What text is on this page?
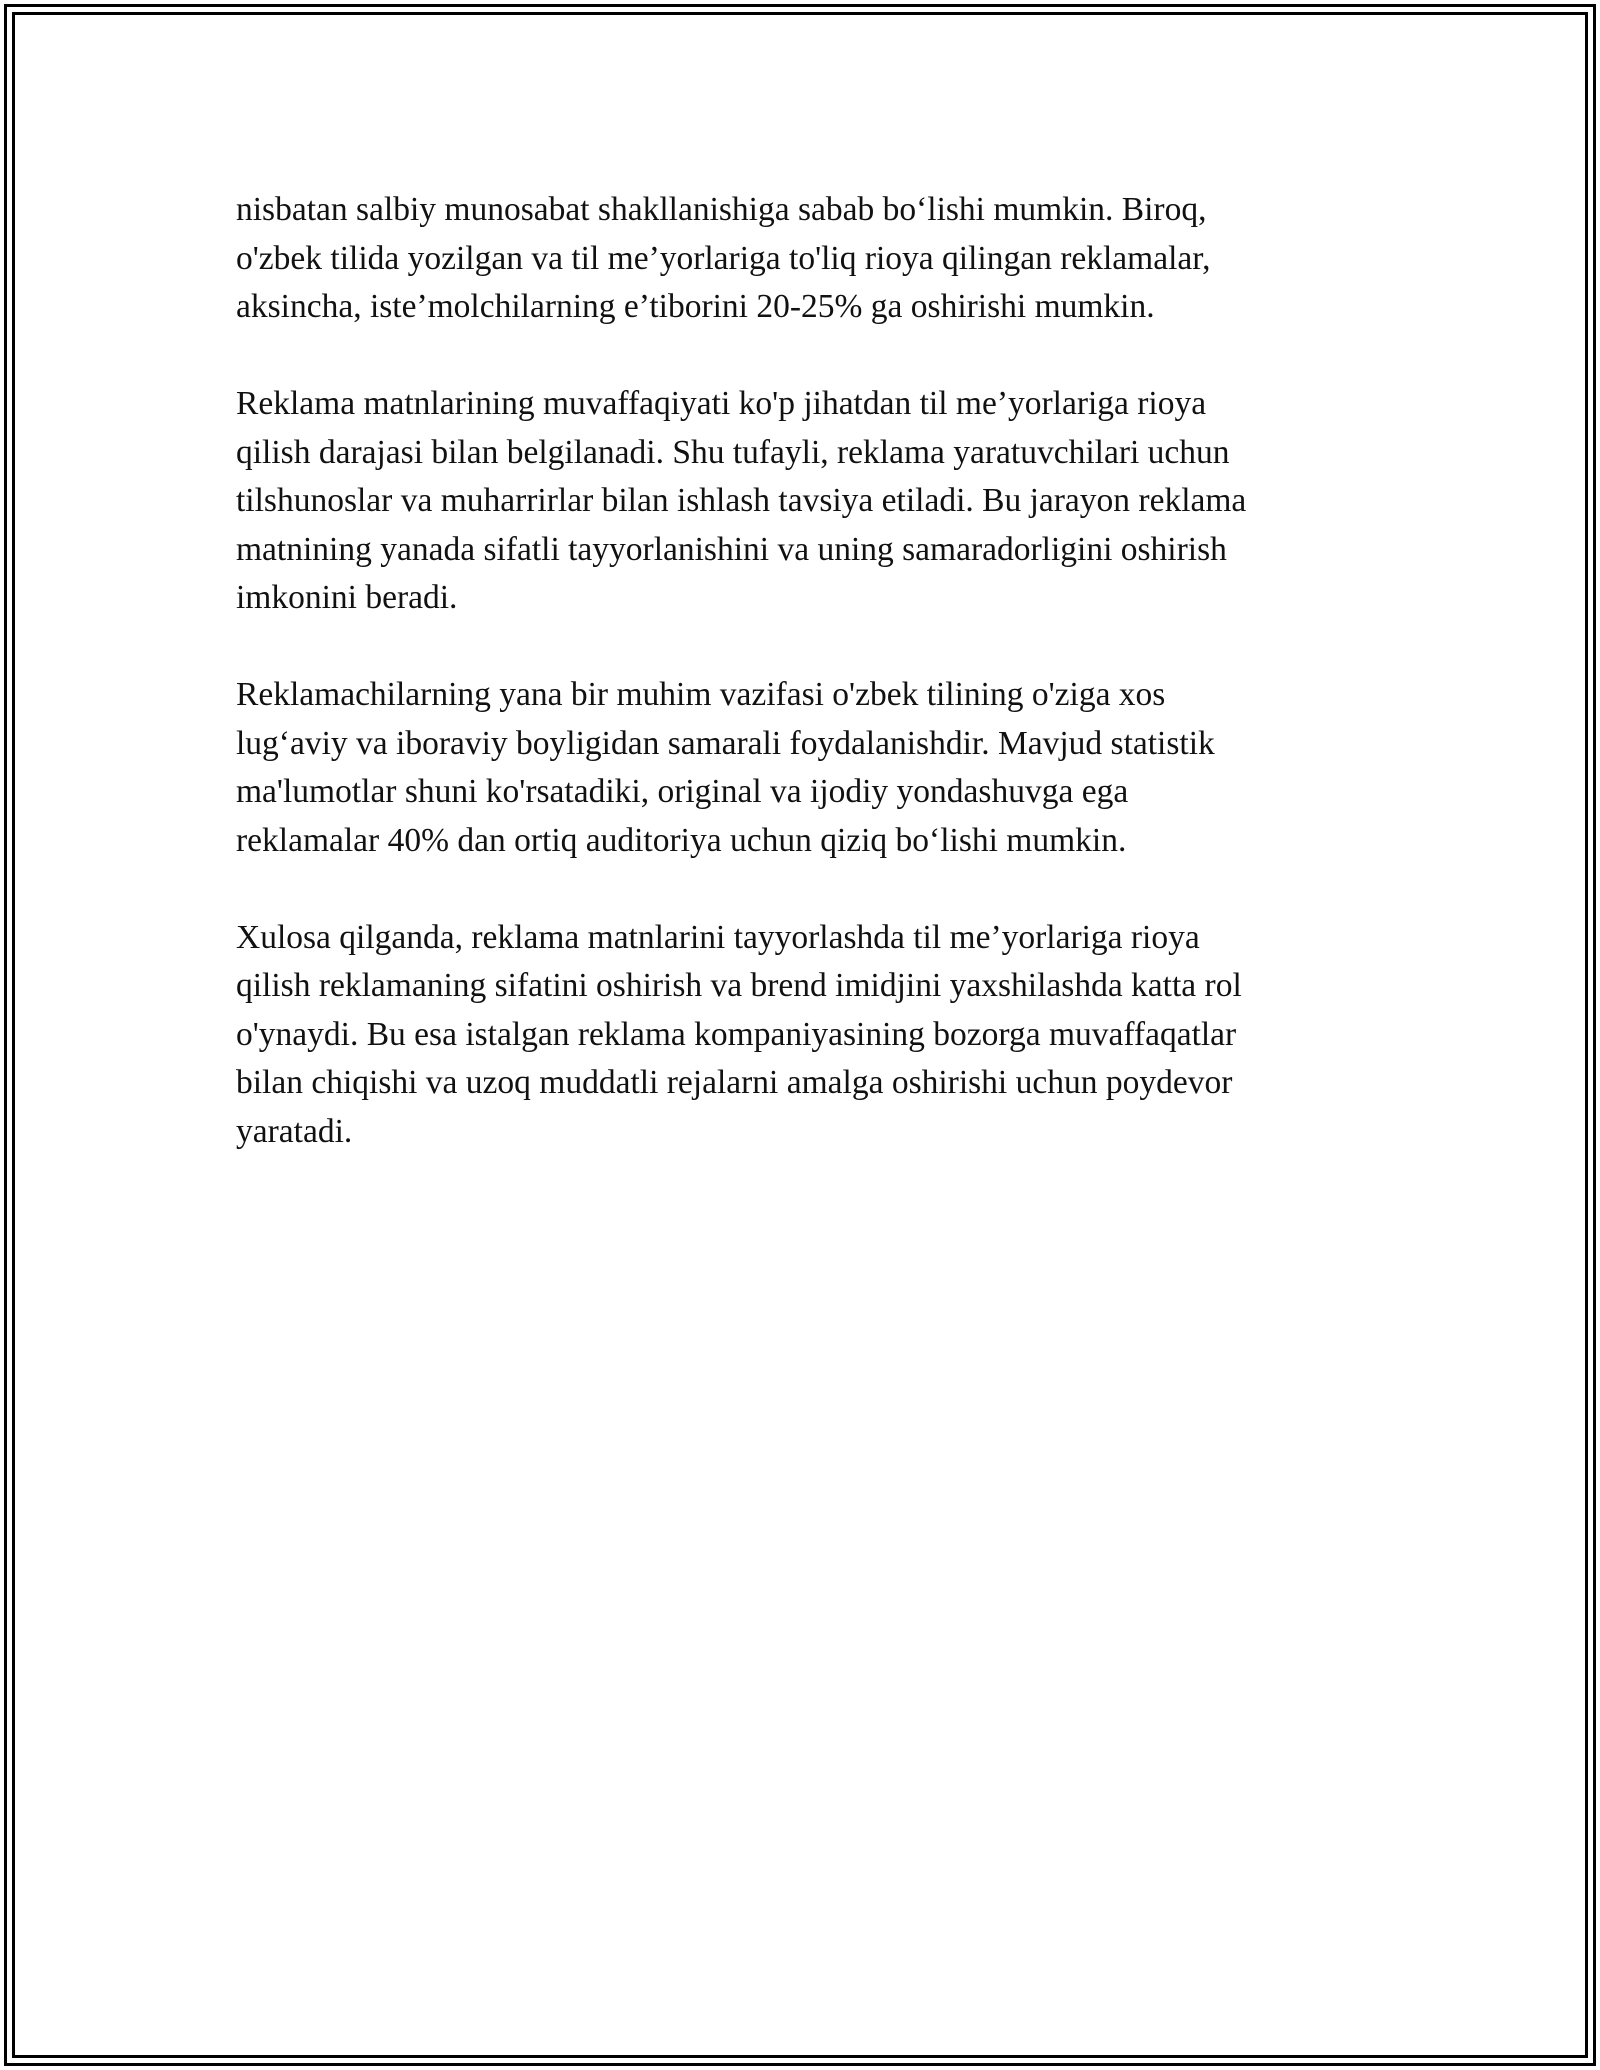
nisbatan salbiy munosabat shakllanishiga sabab bo‘lishi mumkin. Biroq,
o'zbek tilida yozilgan va til me’yorlariga to'liq rioya qilingan reklamalar,
aksincha, iste’molchilarning e’tiborini 20-25% ga oshirishi mumkin.

Reklama matnlarining muvaffaqiyati ko'p jihatdan til me’yorlariga rioya
qilish darajasi bilan belgilanadi. Shu tufayli, reklama yaratuvchilari uchun
tilshunoslar va muharrirlar bilan ishlash tavsiya etiladi. Bu jarayon reklama
matnining yanada sifatli tayyorlanishini va uning samaradorligini oshirish
imkonini beradi.

Reklamachilarning yana bir muhim vazifasi o'zbek tilining o'ziga xos
lug‘aviy va iboraviy boyligidan samarali foydalanishdir. Mavjud statistik
ma'lumotlar shuni ko'rsatadiki, original va ijodiy yondashuvga ega
reklamalar 40% dan ortiq auditoriya uchun qiziq bo‘lishi mumkin.

Xulosa qilganda, reklama matnlarini tayyorlashda til me’yorlariga rioya
qilish reklamaning sifatini oshirish va brend imidjini yaxshilashda katta rol
o'ynaydi. Bu esa istalgan reklama kompaniyasining bozorga muvaffaqatlar
bilan chiqishi va uzoq muddatli rejalarni amalga oshirishi uchun poydevor
yaratadi.
